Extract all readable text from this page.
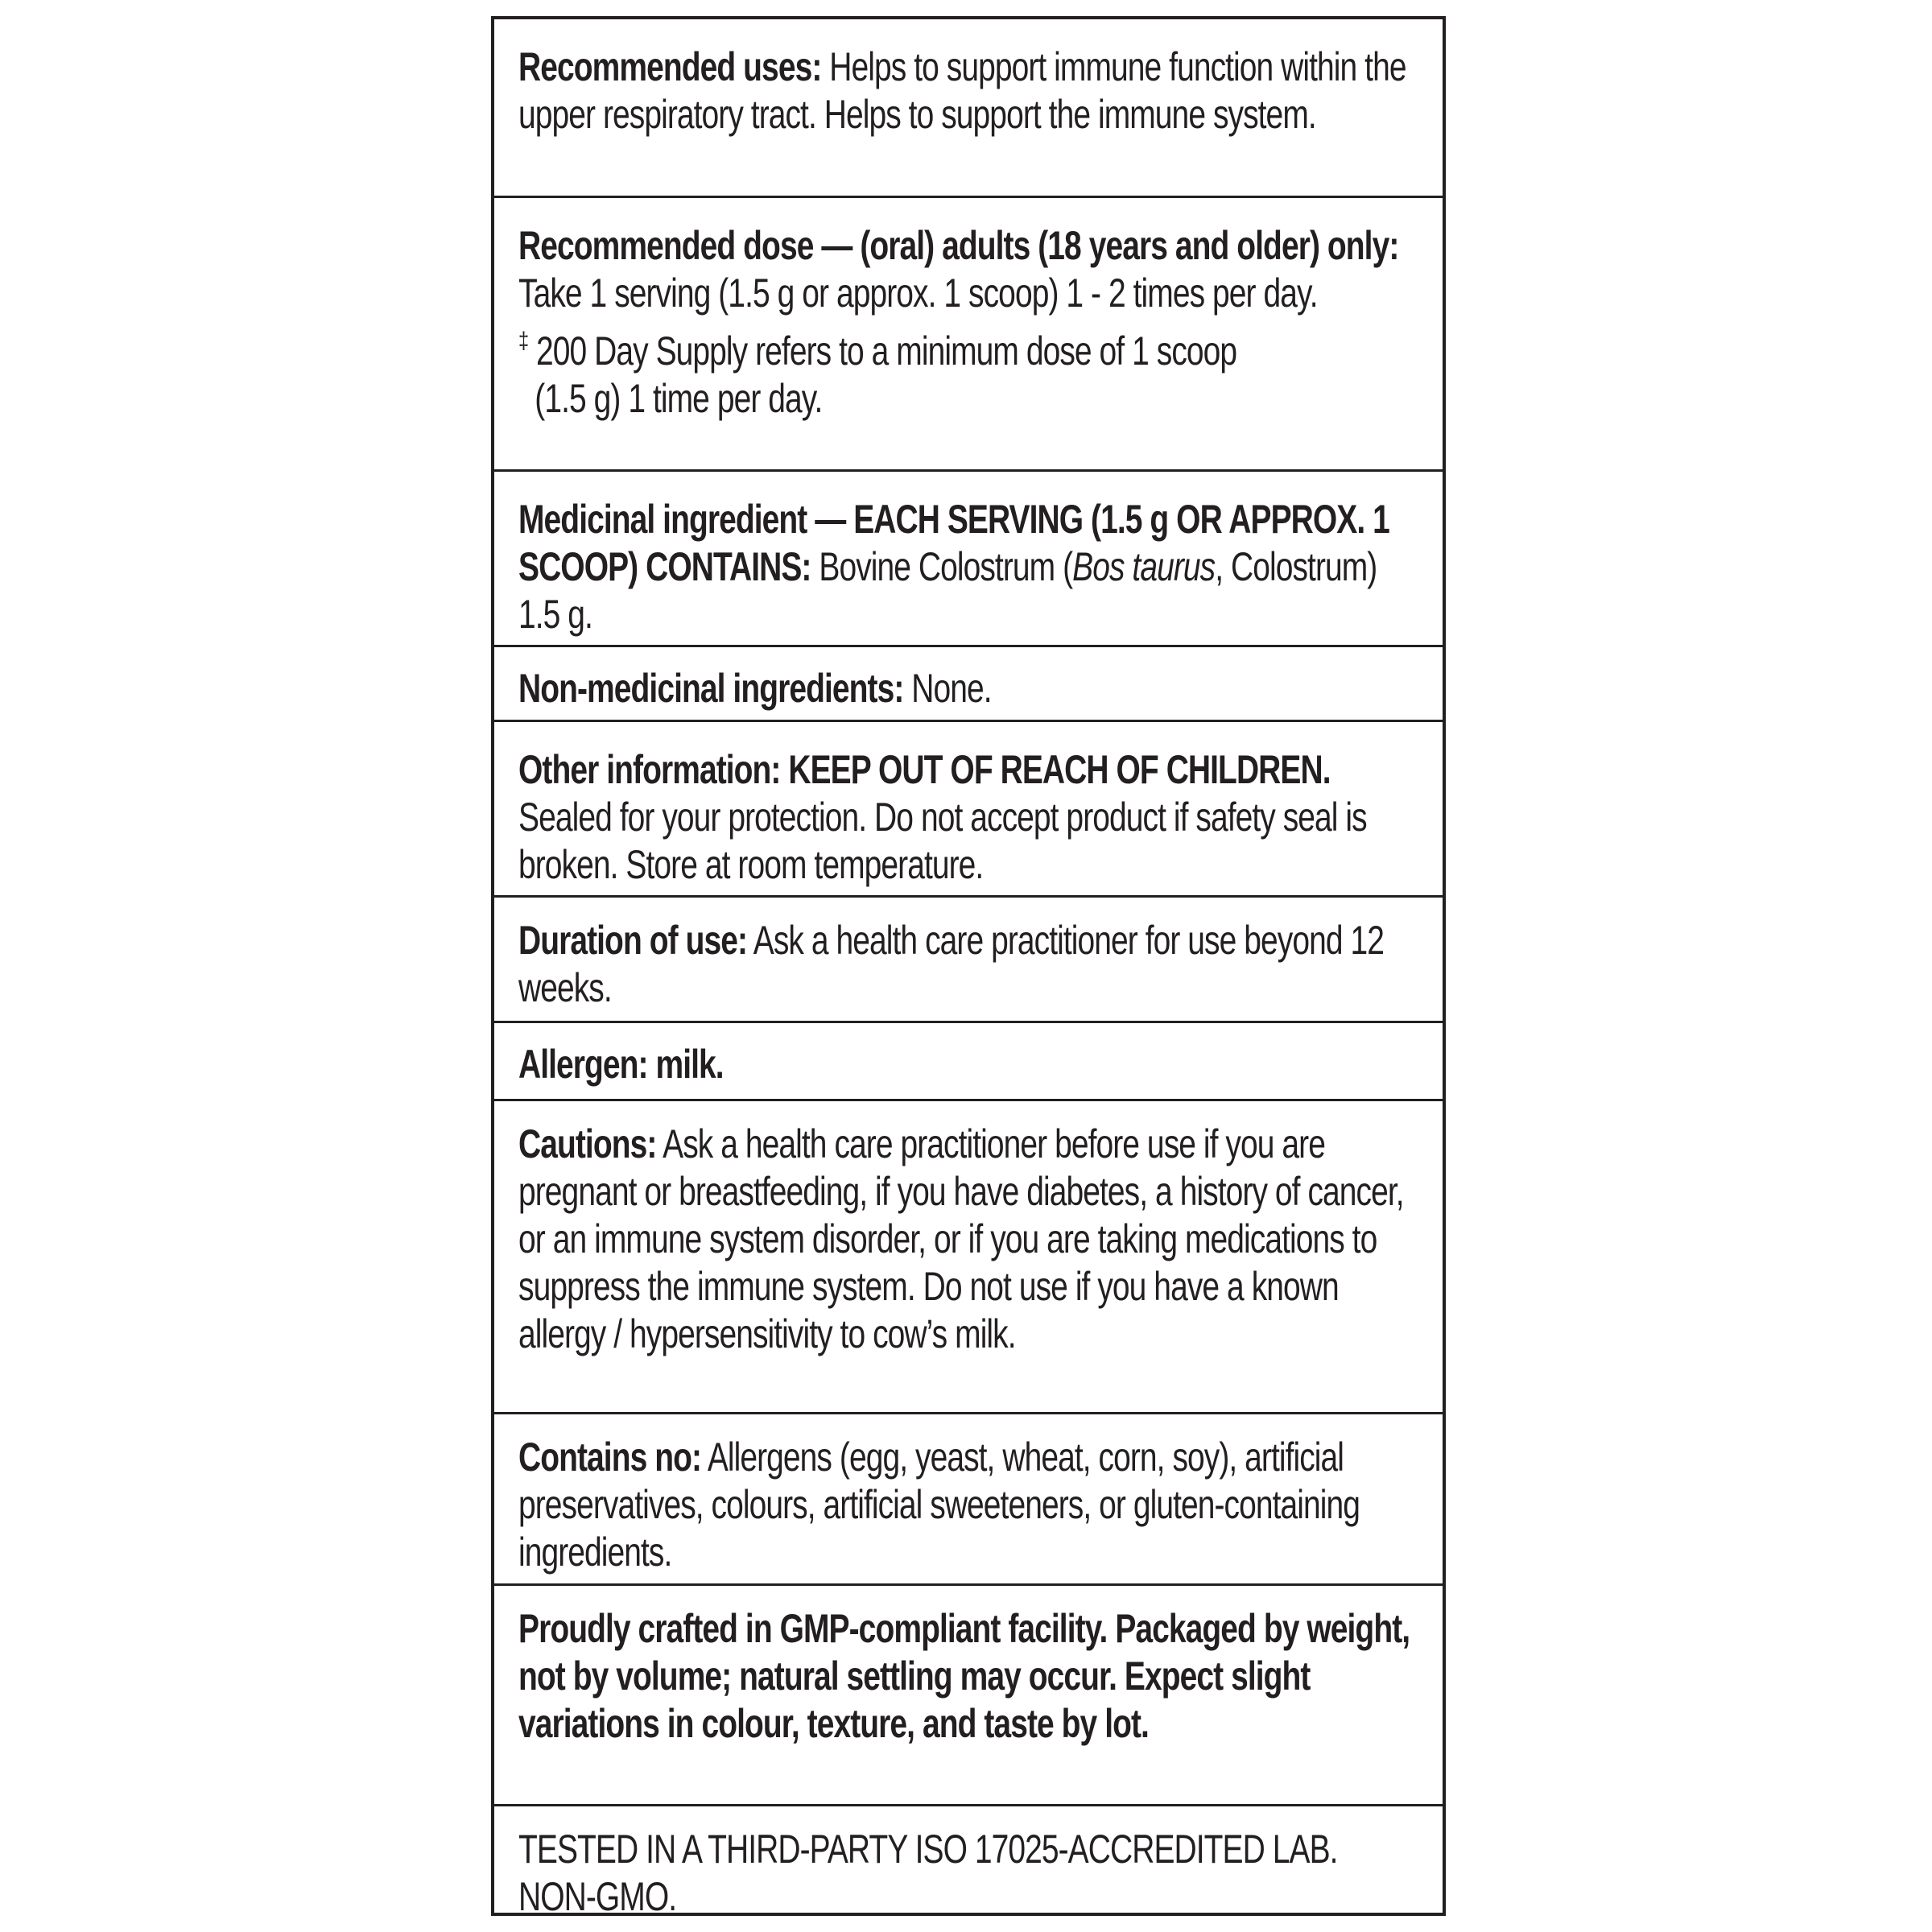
Recommended uses: Helps to support immune function within the upper respiratory tract. Helps to support the immune system.
Recommended dose — (oral) adults (18 years and older) only: Take 1 serving (1.5 g or approx. 1 scoop) 1 - 2 times per day.
‡ 200 Day Supply refers to a minimum dose of 1 scoop
(1.5 g) 1 time per day.
Medicinal ingredient — EACH SERVING (1.5 g OR APPROX. 1 SCOOP) CONTAINS: Bovine Colostrum (Bos taurus, Colostrum) 1.5 g.
Non-medicinal ingredients: None.
Other information: KEEP OUT OF REACH OF CHILDREN. Sealed for your protection. Do not accept product if safety seal is broken. Store at room temperature.
Duration of use: Ask a health care practitioner for use beyond 12 weeks.
Allergen: milk.
Cautions: Ask a health care practitioner before use if you are pregnant or breastfeeding, if you have diabetes, a history of cancer, or an immune system disorder, or if you are taking medications to suppress the immune system. Do not use if you have a known allergy / hypersensitivity to cow’s milk.
Contains no: Allergens (egg, yeast, wheat, corn, soy), artificial preservatives, colours, artificial sweeteners, or gluten-containing ingredients.
Proudly crafted in GMP-compliant facility. Packaged by weight, not by volume; natural settling may occur. Expect slight variations in colour, texture, and taste by lot.
TESTED IN A THIRD-PARTY ISO 17025-ACCREDITED LAB. NON-GMO.
